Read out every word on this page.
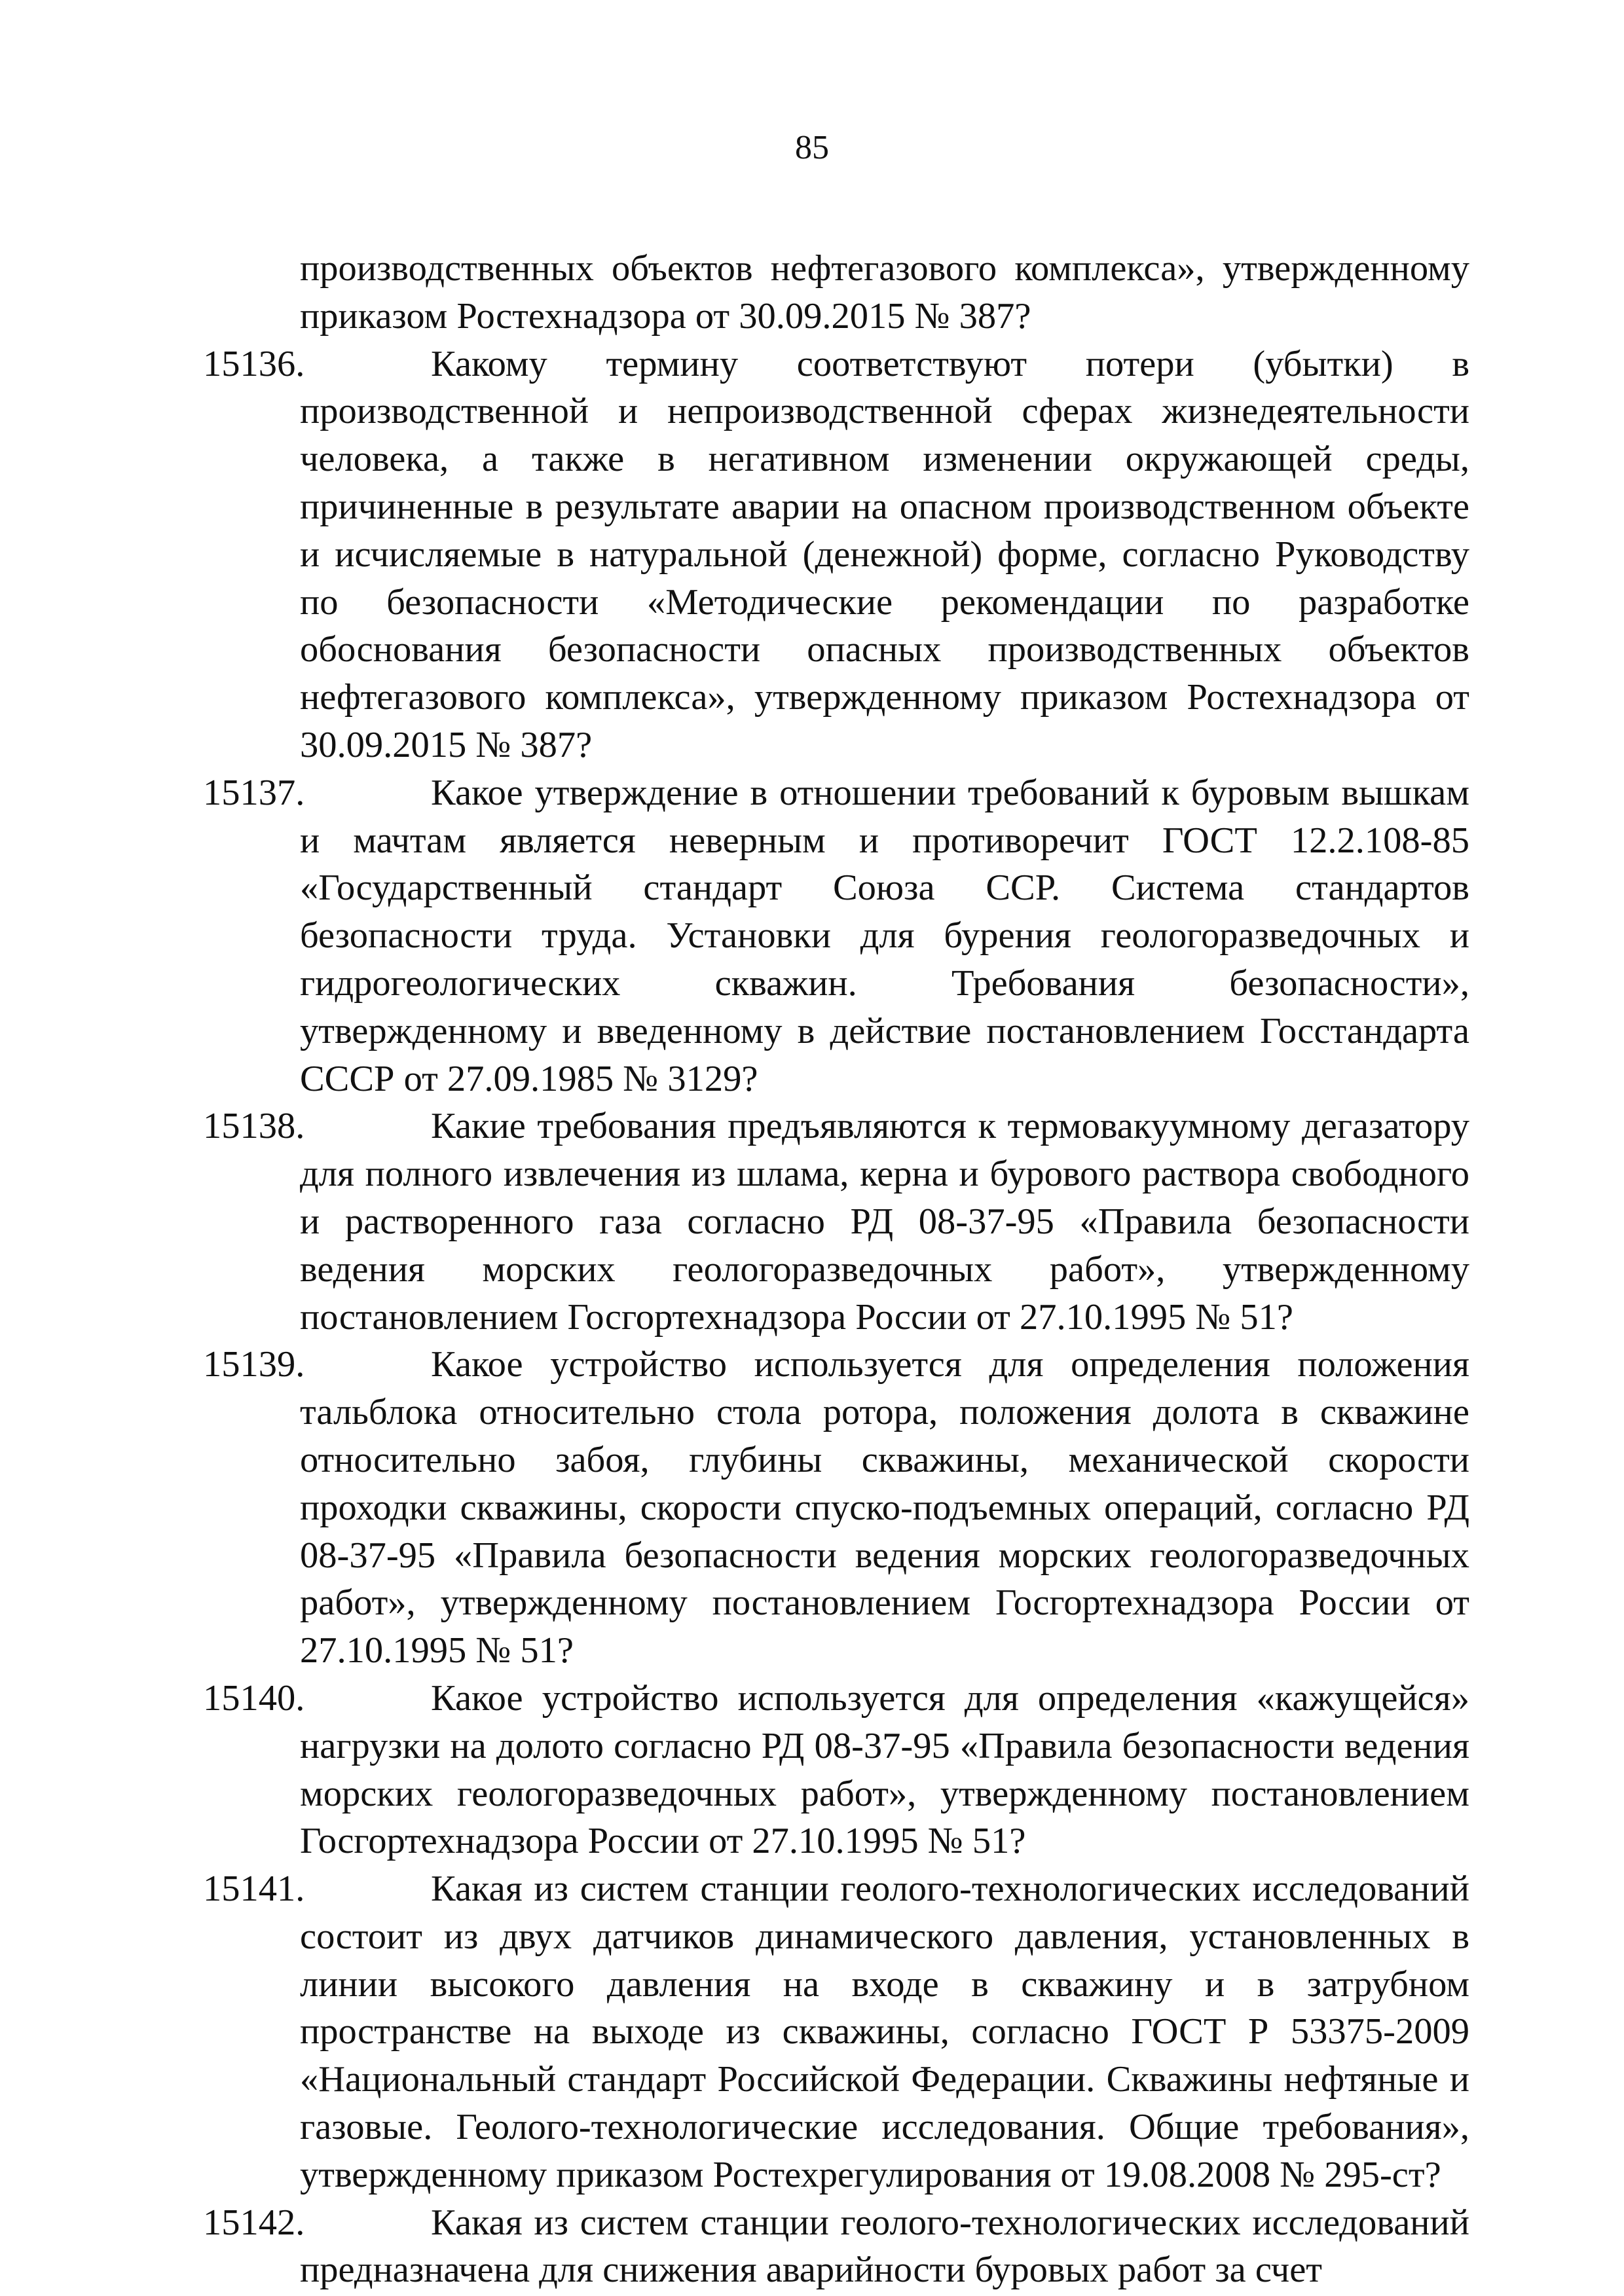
85
производственных объектов нефтегазового комплекса», утвержденному приказом Ростехнадзора от 30.09.2015 № 387?
15136.	Какому термину соответствуют потери (убытки) в производственной и непроизводственной сферах жизнедеятельности человека, а также в негативном изменении окружающей среды, причиненные в результате аварии на опасном производственном объекте и исчисляемые в натуральной (денежной) форме, согласно Руководству по безопасности «Методические рекомендации по разработке обоснования безопасности опасных производственных объектов нефтегазового комплекса», утвержденному приказом Ростехнадзора от 30.09.2015 № 387?
15137.	Какое утверждение в отношении требований к буровым вышкам и мачтам является неверным и противоречит ГОСТ 12.2.108-85 «Государственный стандарт Союза ССР. Система стандартов безопасности труда. Установки для бурения геологоразведочных и гидрогеологических скважин. Требования безопасности», утвержденному и введенному в действие постановлением Госстандарта СССР от 27.09.1985 № 3129?
15138.	Какие требования предъявляются к термовакуумному дегазатору для полного извлечения из шлама, керна и бурового раствора свободного и растворенного газа согласно РД 08-37-95 «Правила безопасности ведения морских геологоразведочных работ», утвержденному постановлением Госгортехнадзора России от 27.10.1995 № 51?
15139.	Какое устройство используется для определения положения тальблока относительно стола ротора, положения долота в скважине относительно забоя, глубины скважины, механической скорости проходки скважины, скорости спуско-подъемных операций, согласно РД 08-37-95 «Правила безопасности ведения морских геологоразведочных работ», утвержденному постановлением Госгортехнадзора России от 27.10.1995 № 51?
15140.	Какое устройство используется для определения «кажущейся» нагрузки на долото согласно РД 08-37-95 «Правила безопасности ведения морских геологоразведочных работ», утвержденному постановлением Госгортехнадзора России от 27.10.1995 № 51?
15141.	Какая из систем станции геолого-технологических исследований состоит из двух датчиков динамического давления, установленных в линии высокого давления на входе в скважину и в затрубном пространстве на выходе из скважины, согласно ГОСТ Р 53375-2009 «Национальный стандарт Российской Федерации. Скважины нефтяные и газовые. Геолого-технологические исследования. Общие требования», утвержденному приказом Ростехрегулирования от 19.08.2008 № 295-ст?
15142.	Какая из систем станции геолого-технологических исследований предназначена для снижения аварийности буровых работ за счет
